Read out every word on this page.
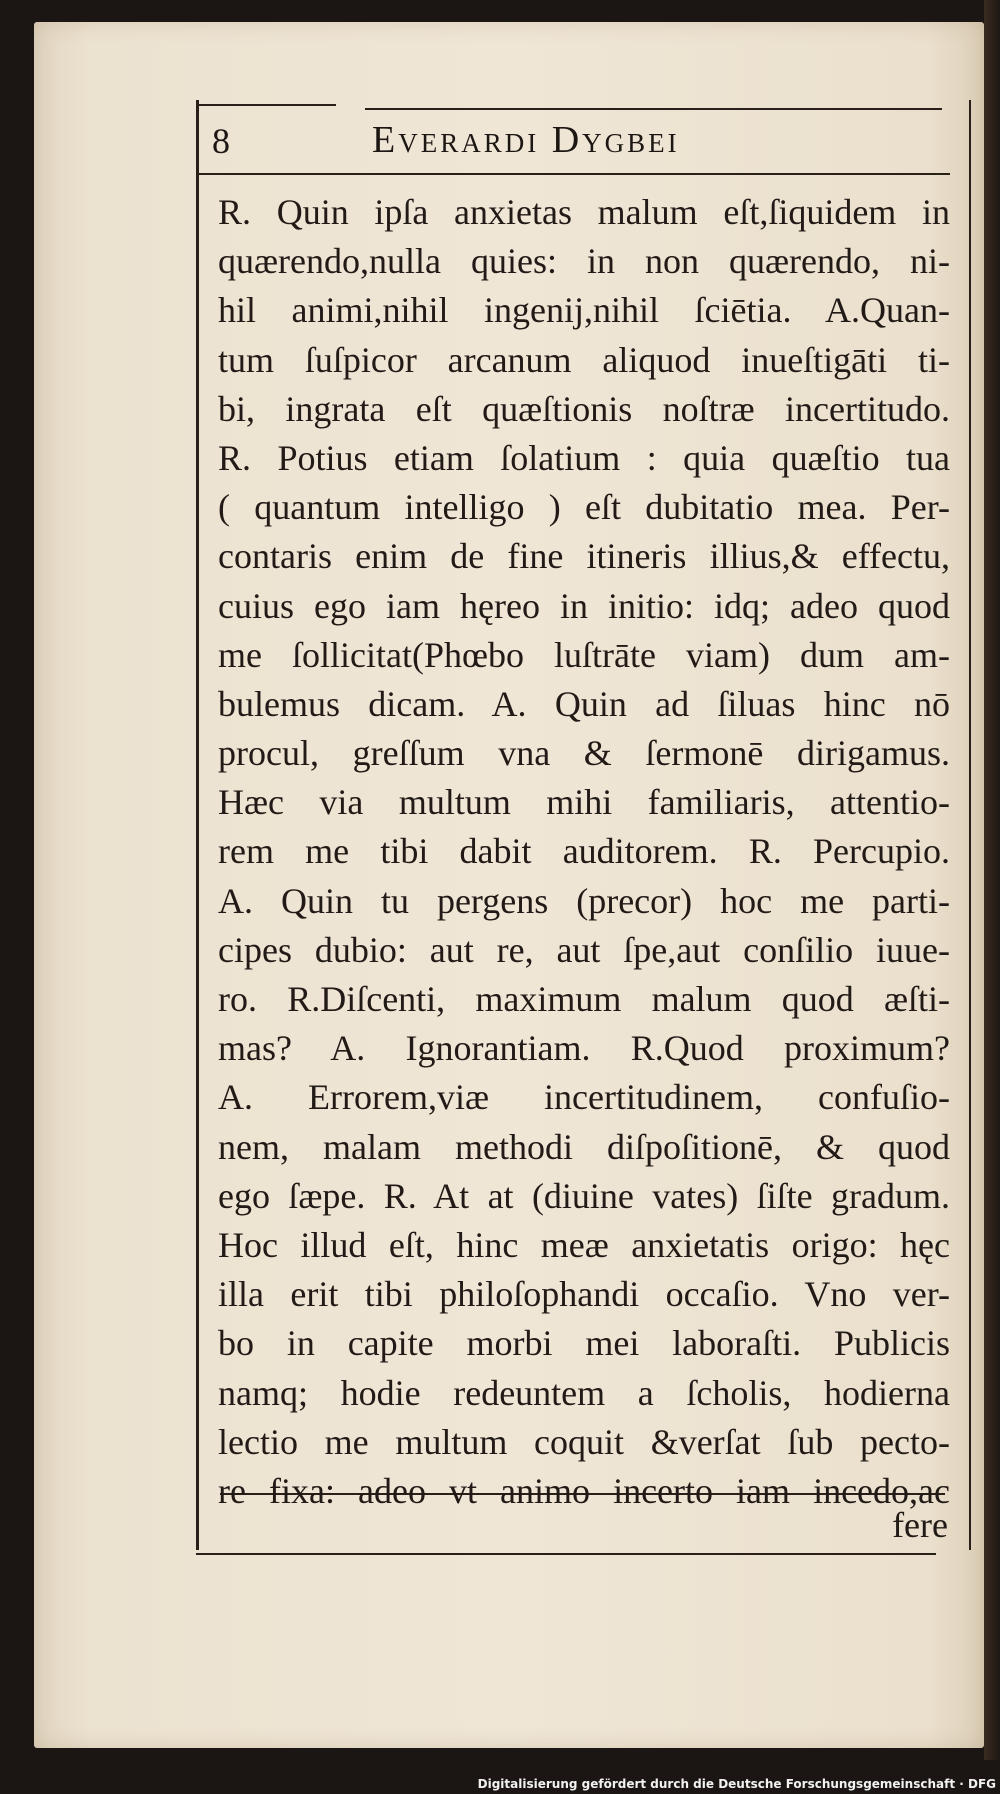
8	Everardi Dygbei
R. Quin ipſa anxietas malum eſt,ſiquidem in
quærendo,nulla quies: in non quærendo, ni-
hil animi,nihil ingenij,nihil ſciētia. A.Quan-
tum ſuſpicor arcanum aliquod inueſtigāti ti-
bi, ingrata eſt quæſtionis noſtræ incertitudo.
R. Potius etiam ſolatium : quia quæſtio tua
( quantum intelligo ) eſt dubitatio mea. Per-
contaris enim de fine itineris illius,& effectu,
cuius ego iam hęreo in initio: idq; adeo quod
me ſollicitat(Phœbo luſtrāte viam) dum am-
bulemus dicam. A. Quin ad ſiluas hinc nō
procul, greſſum vna & ſermonē dirigamus.
Hæc via multum mihi familiaris, attentio-
rem me tibi dabit auditorem. R. Percupio.
A. Quin tu pergens (precor) hoc me parti-
cipes dubio: aut re, aut ſpe,aut conſilio iuue-
ro. R.Diſcenti, maximum malum quod æſti-
mas? A. Ignorantiam. R.Quod proximum?
A. Errorem,viæ incertitudinem, confuſio-
nem, malam methodi diſpoſitionē, & quod
ego ſæpe. R. At at (diuine vates) ſiſte gradum.
Hoc illud eſt, hinc meæ anxietatis origo: hęc
illa erit tibi philoſophandi occaſio. Vno ver-
bo in capite morbi mei laboraſti. Publicis
namq; hodie redeuntem a ſcholis, hodierna
lectio me multum coquit &verſat ſub pecto-
re fixa: adeo vt animo incerto iam incedo,ac
fere
Digitalisierung gefördert durch die Deutsche Forschungsgemeinschaft · DFG
